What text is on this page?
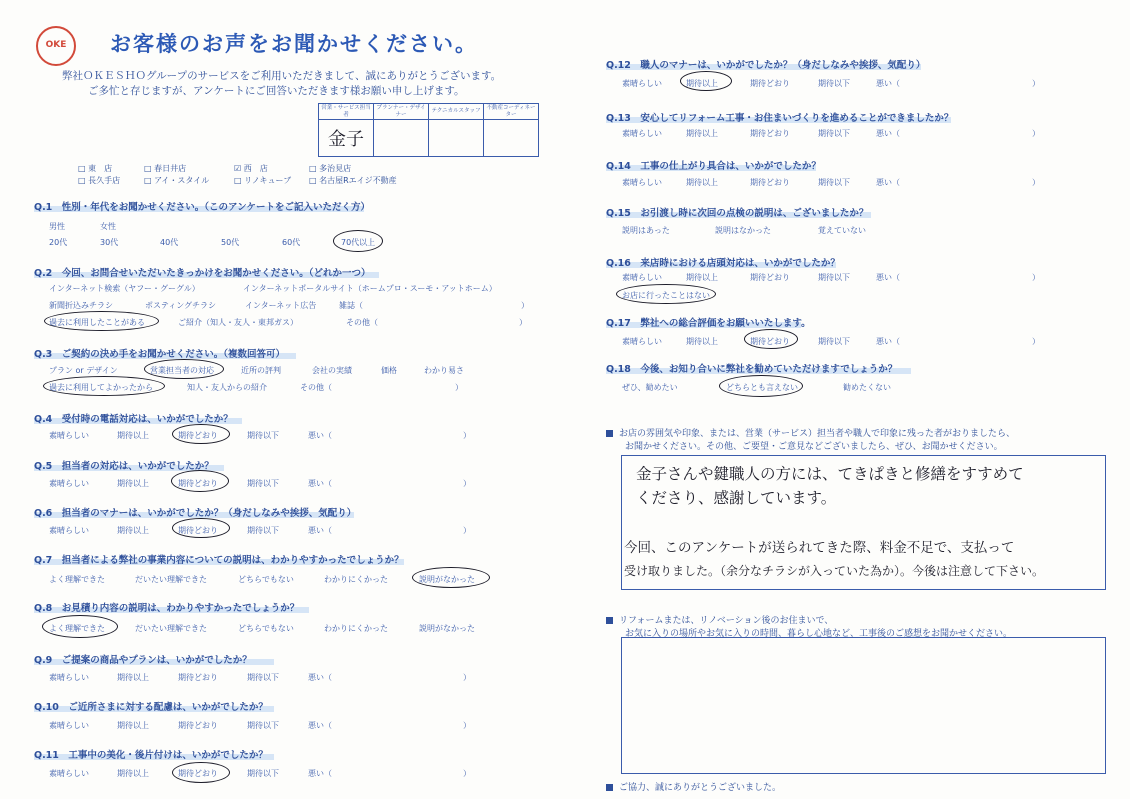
OKE	お客様のお声をお聞かせください。
弊社ＯＫＥＳＨＯグループのサービスをご利用いただきまして、誠にありがとうございます。
ご多忙と存じますが、アンケートにご回答いただきます様お願い申し上げます。
営業・サービス担当者	プランナー・デザイナー	テクニカルスタッフ	不動産コーディネーター
金子			
□ 東　店	□ 春日井店	☑ 西　店	□ 多治見店
□ 長久手店	□ アイ・スタイル	□ リノキューブ □ 名古屋Rエイジ不動産
Q.1　性別・年代をお聞かせください。（このアンケートをご記入いただく方）
男性	女性
20代	30代	40代	50代	60代	70代以上
Q.2　今回、お問合せいただいたきっかけをお聞かせください。（どれか一つ）
インターネット検索（ヤフー・グーグル）	インターネットポータルサイト（ホームプロ・スーモ・アットホーム）
新聞折込みチラシ	ポスティングチラシ	インターネット広告	雑誌（	）
過去に利用したことがある	ご紹介（知人・友人・東邦ガス）	その他（	）
Q.3　ご契約の決め手をお聞かせください。（複数回答可）
プラン or デザイン	営業担当者の対応	近所の評判	会社の実績	価格	わかり易さ
過去に利用してよかったから	知人・友人からの紹介	その他（	）
Q.4　受付時の電話対応は、いかがでしたか？
素晴らしい	期待以上	期待どおり	期待以下	悪い（	）
Q.5　担当者の対応は、いかがでしたか？
素晴らしい	期待以上	期待どおり	期待以下	悪い（	）
Q.6　担当者のマナーは、いかがでしたか？（身だしなみや挨拶、気配り）
素晴らしい	期待以上	期待どおり	期待以下	悪い（	）
Q.7　担当者による弊社の事業内容についての説明は、わかりやすかったでしょうか？
よく理解できた	だいたい理解できた	どちらでもない	わかりにくかった	説明がなかった
Q.8　お見積り内容の説明は、わかりやすかったでしょうか？
よく理解できた	だいたい理解できた	どちらでもない	わかりにくかった	説明がなかった
Q.9　ご提案の商品やプランは、いかがでしたか？
素晴らしい	期待以上	期待どおり	期待以下	悪い（	）
Q.10　ご近所さまに対する配慮は、いかがでしたか？
素晴らしい	期待以上	期待どおり	期待以下	悪い（	）
Q.11　工事中の美化・後片付けは、いかがでしたか？
素晴らしい	期待以上	期待どおり	期待以下	悪い（	）
Q.12　職人のマナーは、いかがでしたか？（身だしなみや挨拶、気配り）
素晴らしい	期待以上	期待どおり	期待以下	悪い（	）
Q.13　安心してリフォーム工事・お住まいづくりを進めることができましたか？
素晴らしい	期待以上	期待どおり	期待以下	悪い（	）
Q.14　工事の仕上がり具合は、いかがでしたか？
素晴らしい	期待以上	期待どおり	期待以下	悪い（	）
Q.15　お引渡し時に次回の点検の説明は、ございましたか？
説明はあった	説明はなかった	覚えていない
Q.16　来店時における店頭対応は、いかがでしたか？
素晴らしい	期待以上	期待どおり	期待以下	悪い（	）
お店に行ったことはない
Q.17　弊社への総合評価をお願いいたします。
素晴らしい	期待以上	期待どおり	期待以下	悪い（	）
Q.18　今後、お知り合いに弊社を勧めていただけますでしょうか？
ぜひ、勧めたい	どちらとも言えない	勧めたくない
お店の雰囲気や印象、または、営業（サービス）担当者や職人で印象に残った者がおりましたら、
お聞かせください。その他、ご要望・ご意見などございましたら、ぜひ、お聞かせください。
金子さんや鍵職人の方には、てきぱきと修繕をすすめて
くださり、感謝しています。
今回、このアンケートが送られてきた際、料金不足で、支払って
受け取りました。（余分なチラシが入っていた為か）。今後は注意して下さい。
リフォームまたは、リノベーション後のお住まいで、
お気に入りの場所やお気に入りの時間、暮らし心地など、工事後のご感想をお聞かせください。
ご協力、誠にありがとうございました。
